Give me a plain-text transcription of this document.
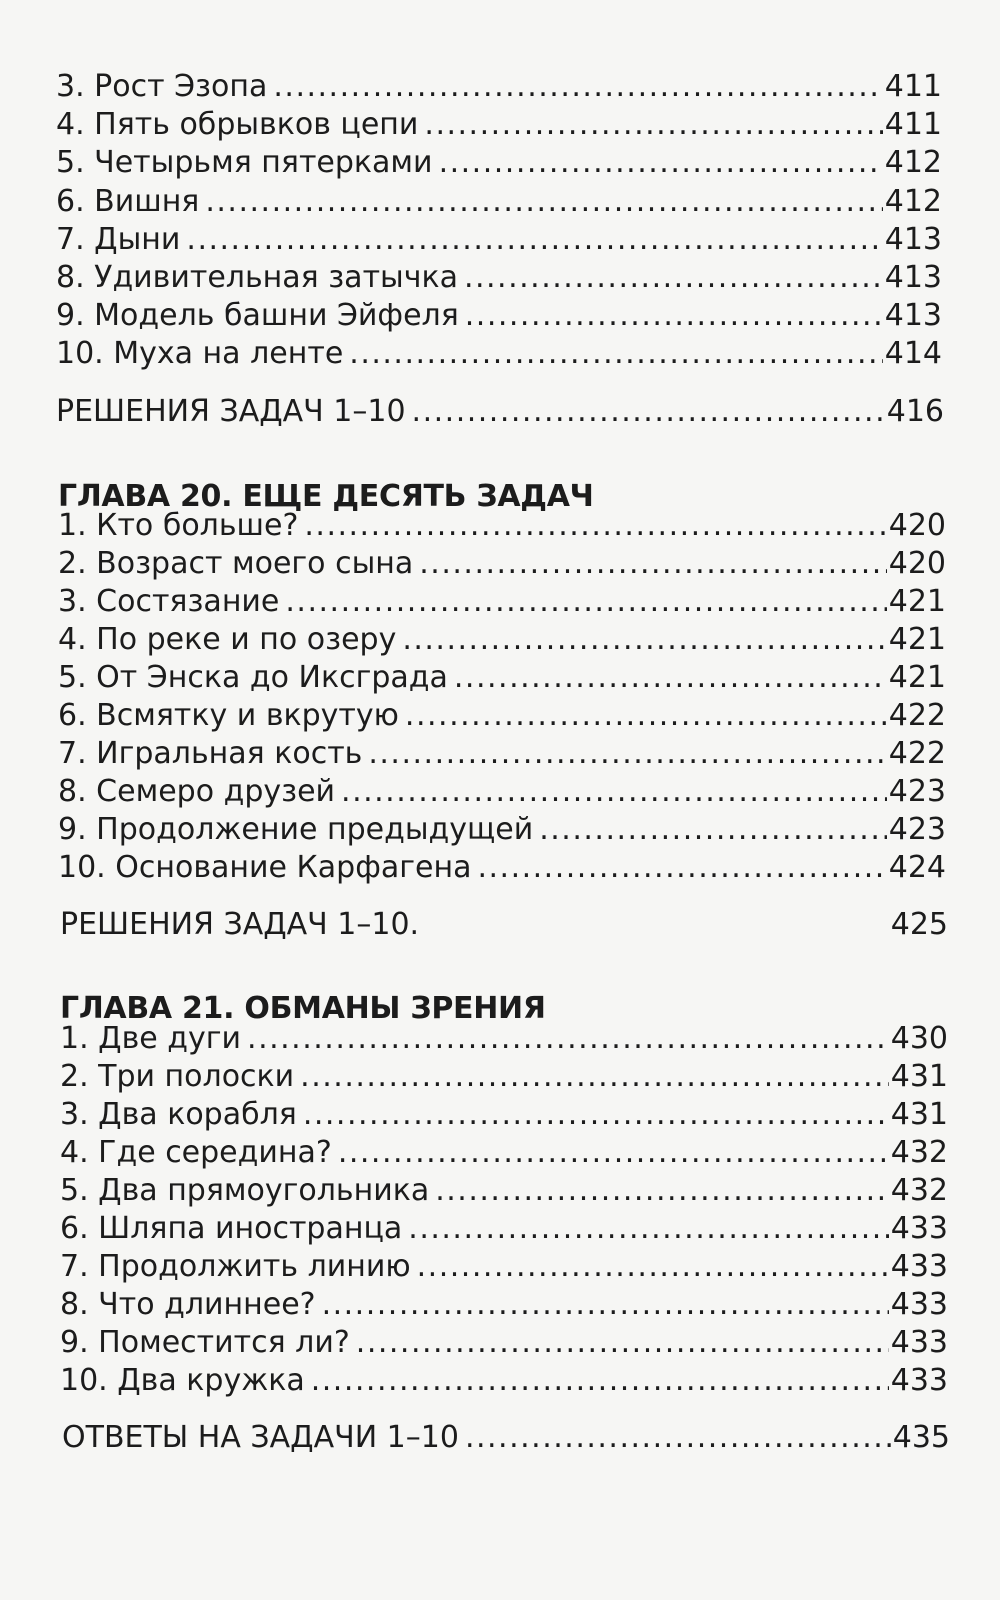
3. Рост Эзопа .....	411
4. Пять обрывков цепи .....	411
5. Четырьмя пятерками .....	412
6. Вишня .....	412
7. Дыни .....	413
8. Удивительная затычка .....	413
9. Модель башни Эйфеля .....	413
10. Муха на ленте .....	414
РЕШЕНИЯ ЗАДАЧ 1–10 .....	416
ГЛАВА 20. ЕЩЕ ДЕСЯТЬ ЗАДАЧ
1. Кто больше? .....	420
2. Возраст моего сына .....	420
3. Состязание .....	421
4. По реке и по озеру .....	421
5. От Энска до Иксграда .....	421
6. Всмятку и вкрутую .....	422
7. Игральная кость .....	422
8. Семеро друзей .....	423
9. Продолжение предыдущей .....	423
10. Основание Карфагена .....	424
РЕШЕНИЯ ЗАДАЧ 1–10.	425
ГЛАВА 21. ОБМАНЫ ЗРЕНИЯ
1. Две дуги .....	430
2. Три полоски .....	431
3. Два корабля .....	431
4. Где середина? .....	432
5. Два прямоугольника .....	432
6. Шляпа иностранца .....	433
7. Продолжить линию .....	433
8. Что длиннее? .....	433
9. Поместится ли? .....	433
10. Два кружка .....	433
ОТВЕТЫ НА ЗАДАЧИ 1–10 .....	435
